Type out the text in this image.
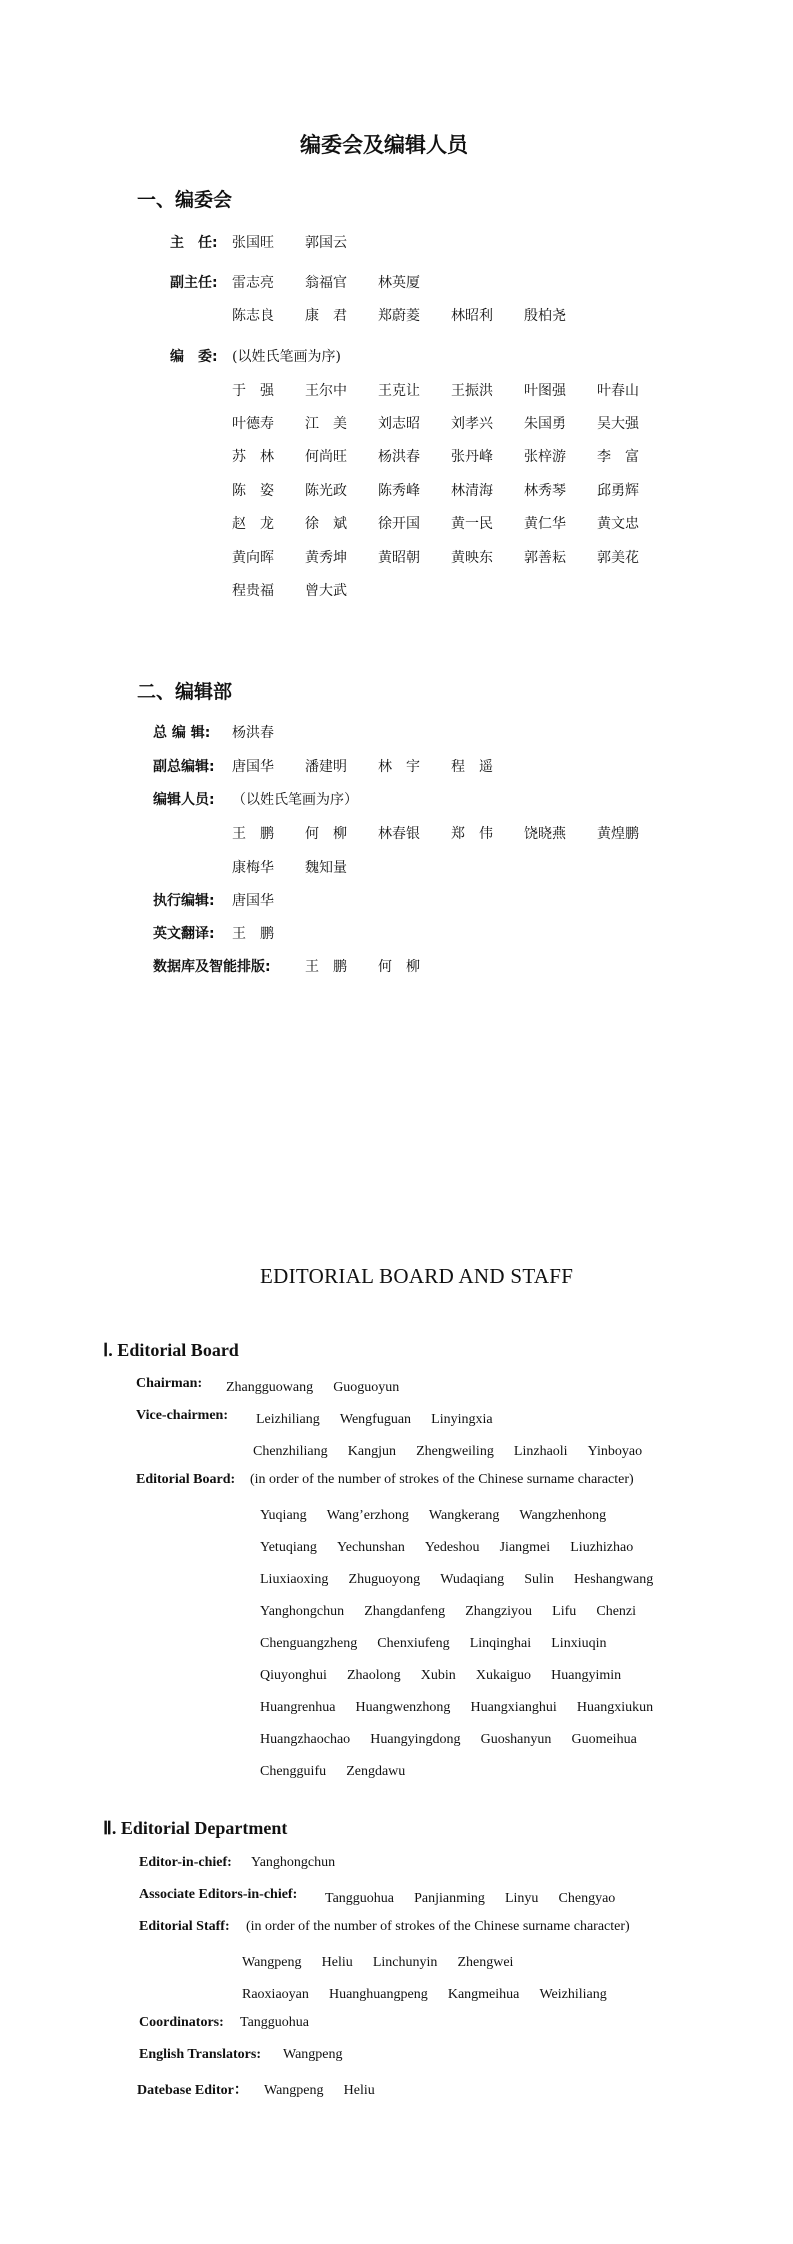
编委会及编辑人员
一、编委会
主　任: 张国旺	郭国云
副主任: 雷志亮	翁福官	林英厦
陈志良	康　君	郑蔚菱	林昭利	殷柏尧
编　委: (以姓氏笔画为序)
于　强	王尔中	王克让	王振洪	叶图强	叶春山
叶德寿	江　美	刘志昭	刘孝兴	朱国勇	吴大强
苏　林	何尚旺	杨洪春	张丹峰	张梓游	李　富
陈　姿	陈光政	陈秀峰	林清海	林秀琴	邱勇辉
赵　龙	徐　斌	徐开国	黄一民	黄仁华	黄文忠
黄向晖	黄秀坤	黄昭朝	黄映东	郭善耘	郭美花
程贵福	曾大武
二、编辑部
总 编 辑: 杨洪春
副总编辑: 唐国华	潘建明	林　宇	程　遥
编辑人员: （以姓氏笔画为序）
王　鹏	何　柳	林春银	郑　伟	饶晓燕	黄煌鹏
康梅华	魏知量
执行编辑: 唐国华
英文翻译: 王　鹏
数据库及智能排版: 王　鹏	何　柳
EDITORIAL BOARD AND STAFF
Ⅰ. Editorial Board
Chairman: Zhangguowang Guoguoyun
Vice-chairmen: Leizhiliang Wengfuguan Linyingxia
Chenzhiliang Kangjun Zhengweiling Linzhaoli Yinboyao
Editorial Board: (in order of the number of strokes of the Chinese surname character)
Yuqiang Wang’erzhong Wangkerang Wangzhenhong
Yetuqiang Yechunshan Yedeshou Jiangmei Liuzhizhao
Liuxiaoxing Zhuguoyong Wudaqiang Sulin Heshangwang
Yanghongchun Zhangdanfeng Zhangziyou Lifu Chenzi
Chenguangzheng Chenxiufeng Linqinghai Linxiuqin
Qiuyonghui Zhaolong Xubin Xukaiguo Huangyimin
Huangrenhua Huangwenzhong Huangxianghui Huangxiukun
Huangzhaochao Huangyingdong Guoshanyun Guomeihua
Chengguifu Zengdawu
Ⅱ. Editorial Department
Editor-in-chief: Yanghongchun
Associate Editors-in-chief: Tangguohua Panjianming Linyu Chengyao
Editorial Staff: (in order of the number of strokes of the Chinese surname character)
Wangpeng Heliu Linchunyin Zhengwei
Raoxiaoyan Huanghuangpeng Kangmeihua Weizhiliang
Coordinators: Tangguohua
English Translators: Wangpeng
Datebase Editor： Wangpeng Heliu
